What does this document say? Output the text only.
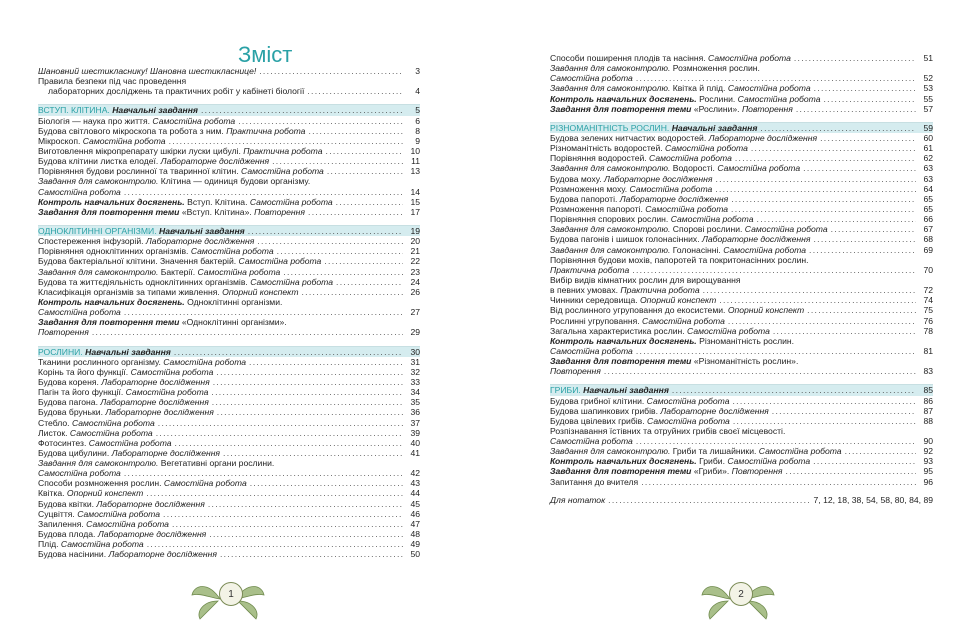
Зміст
Шановний шестикласнику! Шановна шестикласнице! .....	3
Правила безпеки під час проведення
лабораторних досліджень та практичних робіт у кабінеті біології .....	4
ВСТУП. КЛІТИНА. Навчальні завдання .....	5
Біологія — наука про життя. Самостійна робота .....	6
Будова світлового мікроскопа та робота з ним. Практична робота .....	8
Мікроскоп. Самостійна робота .....	9
Виготовлення мікропрепарату шкірки луски цибулі. Практична робота .....	10
Будова клітини листка елодеї. Лабораторне дослідження .....	11
Порівняння будови рослинної та тваринної клітин. Самостійна робота .....	13
Завдання для самоконтролю. Клітина — одиниця будови організму.
Самостійна робота .....	14
Контроль навчальних досягнень. Вступ. Клітина. Самостійна робота .....	15
Завдання для повторення теми «Вступ. Клітина». Повторення .....	17
ОДНОКЛІТИННІ ОРГАНІЗМИ. Навчальні завдання .....	19
Спостереження інфузорій. Лабораторне дослідження .....	20
Порівняння одноклітинних організмів. Самостійна робота .....	21
Будова бактеріальної клітини. Значення бактерій. Самостійна робота .....	22
Завдання для самоконтролю. Бактерії. Самостійна робота .....	23
Будова та життєдіяльність одноклітинних організмів. Самостійна робота .....	24
Класифікація організмів за типами живлення. Опорний конспект .....	26
Контроль навчальних досягнень. Одноклітинні організми.
Самостійна робота .....	27
Завдання для повторення теми «Одноклітинні організми».
Повторення .....	29
РОСЛИНИ. Навчальні завдання .....	30
Тканини рослинного організму. Самостійна робота .....	31
Корінь та його функції. Самостійна робота .....	32
Будова кореня. Лабораторне дослідження .....	33
Пагін та його функції. Самостійна робота .....	34
Будова пагона. Лабораторне дослідження .....	35
Будова бруньки. Лабораторне дослідження .....	36
Стебло. Самостійна робота .....	37
Листок. Самостійна робота .....	39
Фотосинтез. Самостійна робота .....	40
Будова цибулини. Лабораторне дослідження .....	41
Завдання для самоконтролю. Вегетативні органи рослини.
Самостійна робота .....	42
Способи розмноження рослин. Самостійна робота .....	43
Квітка. Опорний конспект .....	44
Будова квітки. Лабораторне дослідження .....	45
Суцвіття. Самостійна робота .....	46
Запилення. Самостійна робота .....	47
Будова плода. Лабораторне дослідження .....	48
Плід. Самостійна робота .....	49
Будова насінини. Лабораторне дослідження .....	50
Способи поширення плодів та насіння. Самостійна робота .....	51
Завдання для самоконтролю. Розмноження рослин.
Самостійна робота .....	52
Завдання для самоконтролю. Квітка й плід. Самостійна робота .....	53
Контроль навчальних досягнень. Рослини. Самостійна робота .....	55
Завдання для повторення теми «Рослини». Повторення .....	57
РІЗНОМАНІТНІСТЬ РОСЛИН. Навчальні завдання .....	59
Будова зелених нитчастих водоростей. Лабораторне дослідження .....	60
Різноманітність водоростей. Самостійна робота .....	61
Порівняння водоростей. Самостійна робота .....	62
Завдання для самоконтролю. Водорості. Самостійна робота .....	63
Будова моху. Лабораторне дослідження .....	63
Розмноження моху. Самостійна робота .....	64
Будова папороті. Лабораторне дослідження .....	65
Розмноження папороті. Самостійна робота .....	65
Порівняння спорових рослин. Самостійна робота .....	66
Завдання для самоконтролю. Спорові рослини. Самостійна робота .....	67
Будова пагонів і шишок голонасінних. Лабораторне дослідження .....	68
Завдання для самоконтролю. Голонасінні. Самостійна робота .....	69
Порівняння будови мохів, папоротей та покритонасінних рослин.
Практична робота .....	70
Вибір видів кімнатних рослин для вирощування
в певних умовах. Практична робота .....	72
Чинники середовища. Опорний конспект .....	74
Від рослинного угруповання до екосистеми. Опорний конспект .....	75
Рослинні угруповання. Самостійна робота .....	76
Загальна характеристика рослин. Самостійна робота .....	78
Контроль навчальних досягнень. Різноманітність рослин.
Самостійна робота .....	81
Завдання для повторення теми «Різноманітність рослин».
Повторення .....	83
ГРИБИ. Навчальні завдання .....	85
Будова грибної клітини. Самостійна робота .....	86
Будова шапинкових грибів. Лабораторне дослідження .....	87
Будова цвілевих грибів. Самостійна робота .....	88
Розпізнавання їстівних та отруйних грибів своєї місцевості.
Самостійна робота .....	90
Завдання для самоконтролю. Гриби та лишайники. Самостійна робота .....	92
Контроль навчальних досягнень. Гриби. Самостійна робота .....	93
Завдання для повторення теми «Гриби». Повторення .....	95
Запитання до вчителя .....	96
Для нотаток .....	7, 12, 18, 38, 54, 58, 80, 84, 89
1	2
